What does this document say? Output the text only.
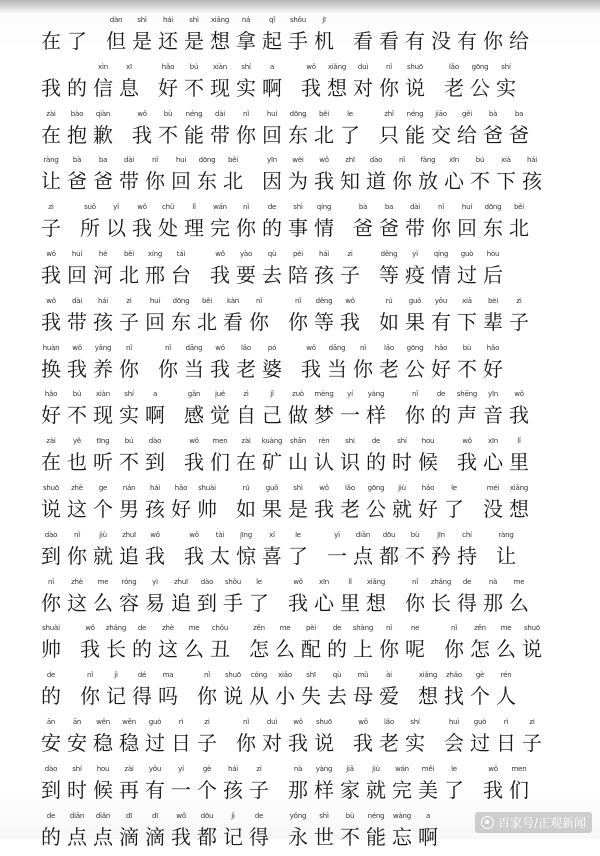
在 了
dàn
但
shì
是
hái
还
shì
是
xiǎng
想
ná
拿
qǐ
起
shǒu
手
jī
机 看 看 有 没 有 你 给
我 的
xìn
信
xī
息
hǎo
好
bú
不
xiàn
现
shí
实
a
啊
wǒ
我
xiǎng
想
duì
对
nǐ
你
shuō
说
lǎo
老
gōng
公
shí
实
zài
在
bào
抱
qiàn
歉
wǒ
我
bù
不
néng
能
dài
带
nǐ
你
huí
回
dōng
东
běi
北
le
了
zhǐ
只
néng
能
jiāo
交
gěi
给
bà
爸
ba
爸
ràng
让
bà
爸
ba
爸
dài
带
nǐ
你
huí
回
dōng
东
běi
北
yīn
因
wèi
为
wǒ
我
zhī
知
dào
道
nǐ
你
fàng
放
xīn
心
bú
不
xià
下
hái
孩
zi
子
suǒ
所
yǐ
以
wǒ
我
chǔ
处
lǐ
理
wán
完
nǐ
你
de
的
shì
事
qíng
情
bà
爸
ba
爸
dài
带
nǐ
你
huí
回
dōng
东
běi
北
wǒ
我
huí
回
hé
河
běi
北
xíng
邢
tái
台
wǒ
我
yào
要
qù
去
péi
陪
hái
孩
zi
子
děng
等
yì
疫
qíng
情
guò
过
hòu
后
wǒ
我
dài
带
hái
孩
zi
子
huí
回
dōng
东
běi
北
kàn
看
nǐ
你
nǐ
你
děng
等
wǒ
我
rú
如
guǒ
果
yǒu
有
xià
下
bèi
辈
zi
子
huàn
换
wǒ
我
yǎng
养
nǐ
你
nǐ
你
dāng
当
wǒ
我
lǎo
老
pó
婆
wǒ
我
dāng
当
nǐ
你
lǎo
老
gōng
公
hǎo
好
bù
不
hǎo
好
hǎo
好
bú
不
xiàn
现
shí
实
a
啊
gǎn
感
jué
觉
zì
自
jǐ
己
zuò
做
mèng
梦
yí
一
yàng
样
nǐ
你
de
的
shēng
声
yīn
音
wǒ
我
zài
在
yě
也
tīng
听
bú
不
dào
到
wǒ
我
men
们
zài
在
kuàng
矿
shān
山
rèn
认
shi
识
de
的
shí
时
hou
候
wǒ
我
xīn
心
lǐ
里
shuō
说
zhè
这
ge
个
nán
男
hái
孩
hǎo
好
shuài
帅
rú
如
guǒ
果
shì
是
wǒ
我
lǎo
老
gōng
公
jiù
就
hǎo
好
le
了
méi
没
xiǎng
想
dào
到
nǐ
你
jiù
就
zhuī
追
wǒ
我
wǒ
我
tài
太
jīng
惊
xǐ
喜
le
了
yì
一
diǎn
点
dōu
都
bù
不
jīn
矜
chí
持
ràng
让
nǐ
你
zhè
这
me
么
róng
容
yì
易
zhuī
追
dào
到
shǒu
手
le
了
wǒ
我
xīn
心
lǐ
里
xiǎng
想
nǐ
你
zhǎng
长
de
得
nà
那
me
么
shuài
帅
wǒ
我
zhǎng
长
de
的
zhè
这
me
么
chǒu
丑
zěn
怎
me
么
pèi
配
de
的
shàng
上
nǐ
你
ne
呢
nǐ
你
zěn
怎
me
么
shuō
说
de
的
nǐ
你
jì
记
dé
得
ma
吗
nǐ
你
shuō
说
cóng
从
xiǎo
小
shī
失
qù
去
mǔ
母
ài
爱
xiǎng
想
zhǎo
找
gè
个
rén
人
ān
安
ān
安
wěn
稳
wěn
稳
guò
过
rì
日
zi
子
nǐ
你
duì
对
wǒ
我
shuō
说
wǒ
我
lǎo
老
shí
实
huì
会
guò
过
rì
日
zi
子
dào
到
shí
时
hou
候
zài
再
yǒu
有
yí
一
gè
个
hái
孩
zi
子
nà
那
yàng
样
jiā
家
jiù
就
wán
完
měi
美
le
了
wǒ
我
men
们
de
的
diǎn
点
diǎn
点
dī
滴
dī
滴
wǒ
我
dōu
都
jì
记
de
得
yǒng
永
shì
世
bù
不
néng
能
wàng
忘
a
啊
百家号/正观新闻
